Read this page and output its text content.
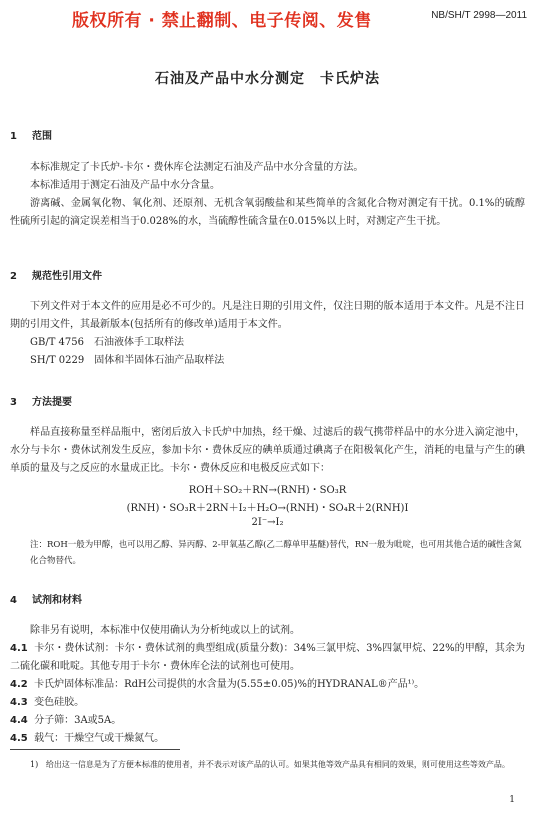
版权所有 · 禁止翻制、电子传阅、发售	NB/SH/T 2998—2011
石油及产品中水分测定　卡氏炉法
1 范围
本标准规定了卡氏炉-卡尔・费休库仑法测定石油及产品中水分含量的方法。
本标准适用于测定石油及产品中水分含量。
游离碱、金属氧化物、氧化剂、还原剂、无机含氧弱酸盐和某些简单的含氮化合物对测定有干扰。0.1%的硫醇性硫所引起的滴定误差相当于0.028%的水，当硫醇性硫含量在0.015%以上时，对测定产生干扰。
2 规范性引用文件
下列文件对于本文件的应用是必不可少的。凡是注日期的引用文件，仅注日期的版本适用于本文件。凡是不注日期的引用文件，其最新版本(包括所有的修改单)适用于本文件。
GB/T 4756　石油液体手工取样法
SH/T 0229　固体和半固体石油产品取样法
3 方法提要
样品直接称量至样品瓶中，密闭后放入卡氏炉中加热，经干燥、过滤后的载气携带样品中的水分进入滴定池中，水分与卡尔・费休试剂发生反应，参加卡尔・费休反应的碘单质通过碘离子在阳极氧化产生，消耗的电量与产生的碘单质的量及与之反应的水量成正比。卡尔・费休反应和电极反应式如下：
ROH＋SO₂＋RN→(RNH)・SO₃R
(RNH)・SO₃R＋2RN＋I₂＋H₂O→(RNH)・SO₄R＋2(RNH)I
2I⁻→I₂
注：ROH一般为甲醇，也可以用乙醇、异丙醇、2-甲氧基乙醇(乙二醇单甲基醚)替代，RN一般为吡啶，也可用其他合适的碱性含氮化合物替代。
4 试剂和材料
除非另有说明，本标准中仅使用确认为分析纯或以上的试剂。
4.1 卡尔・费休试剂：卡尔・费休试剂的典型组成(质量分数)：34%三氯甲烷、3%四氯甲烷、22%的甲醇，其余为二硫化碳和吡啶。其他专用于卡尔・费休库仑法的试剂也可使用。
4.2 卡氏炉固体标准品：RdH公司提供的水含量为(5.55±0.05)%的HYDRANAL®产品¹⁾。
4.3 变色硅胶。
4.4 分子筛：3A或5A。
4.5 载气：干燥空气或干燥氮气。
1) 给出这一信息是为了方便本标准的使用者，并不表示对该产品的认可。如果其他等效产品具有相同的效果，则可使用这些等效产品。
1
